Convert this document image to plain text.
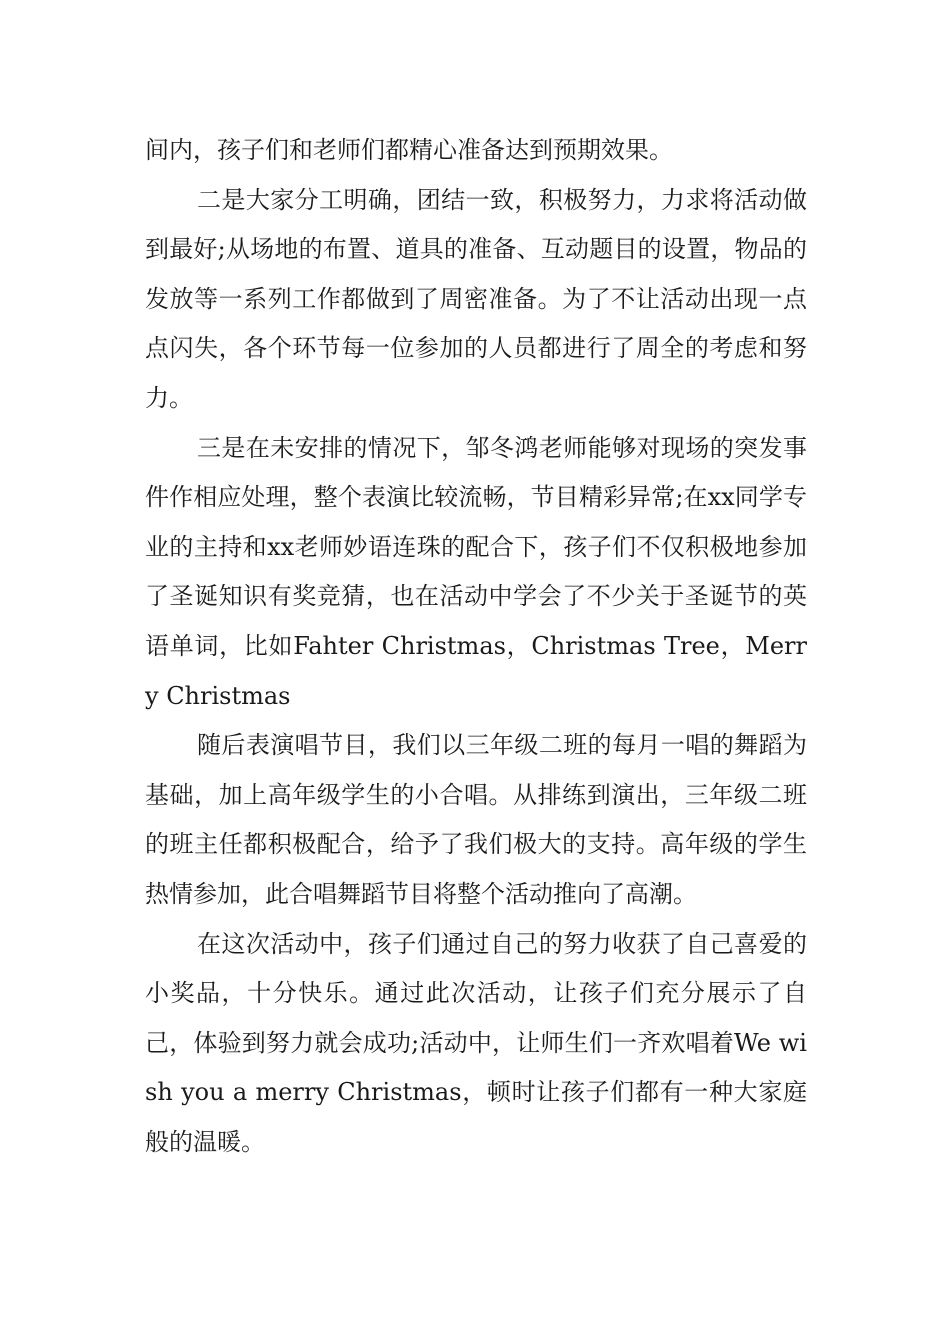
间内，孩子们和老师们都精心准备达到预期效果。

二是大家分工明确，团结一致，积极努力，力求将活动做到最好;从场地的布置、道具的准备、互动题目的设置，物品的发放等一系列工作都做到了周密准备。为了不让活动出现一点点闪失，各个环节每一位参加的人员都进行了周全的考虑和努力。

三是在未安排的情况下，邹冬鸿老师能够对现场的突发事件作相应处理，整个表演比较流畅，节目精彩异常;在xx同学专业的主持和xx老师妙语连珠的配合下，孩子们不仅积极地参加了圣诞知识有奖竞猜，也在活动中学会了不少关于圣诞节的英语单词，比如Fahter Christmas，Christmas Tree，Merry Christmas

随后表演唱节目，我们以三年级二班的每月一唱的舞蹈为基础，加上高年级学生的小合唱。从排练到演出，三年级二班的班主任都积极配合，给予了我们极大的支持。高年级的学生热情参加，此合唱舞蹈节目将整个活动推向了高潮。

在这次活动中，孩子们通过自己的努力收获了自己喜爱的小奖品，十分快乐。通过此次活动，让孩子们充分展示了自己，体验到努力就会成功;活动中，让师生们一齐欢唱着We wish you a merry Christmas，顿时让孩子们都有一种大家庭般的温暖。
